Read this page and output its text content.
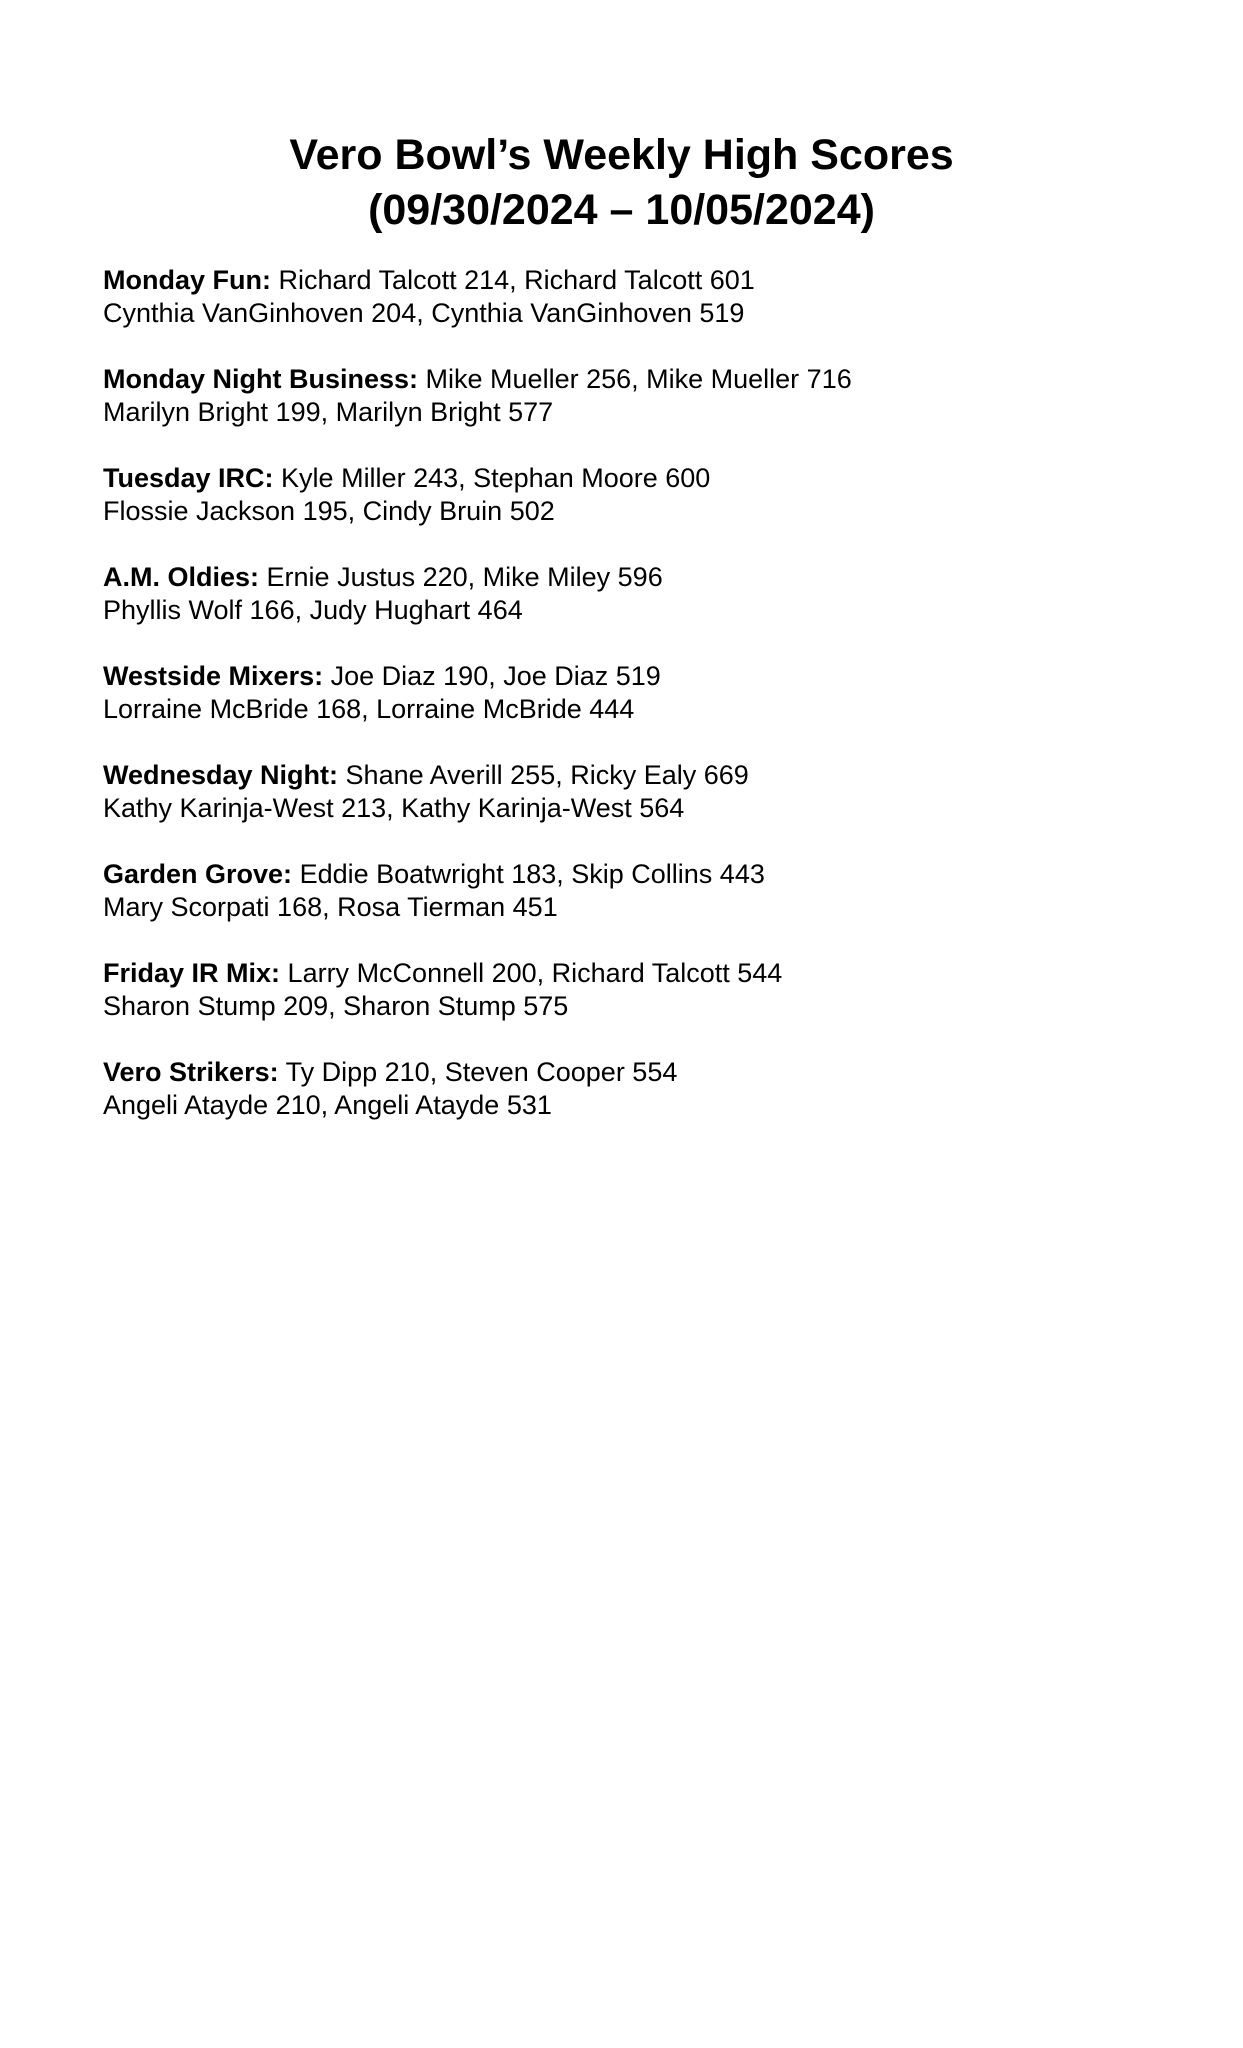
Vero Bowl’s Weekly High Scores
(09/30/2024 – 10/05/2024)
Monday Fun: Richard Talcott 214, Richard Talcott 601
Cynthia VanGinhoven 204, Cynthia VanGinhoven 519
Monday Night Business: Mike Mueller 256, Mike Mueller 716
Marilyn Bright 199, Marilyn Bright 577
Tuesday IRC: Kyle Miller 243, Stephan Moore 600
Flossie Jackson 195, Cindy Bruin 502
A.M. Oldies: Ernie Justus 220, Mike Miley 596
Phyllis Wolf 166, Judy Hughart 464
Westside Mixers: Joe Diaz 190, Joe Diaz 519
Lorraine McBride 168, Lorraine McBride 444
Wednesday Night: Shane Averill 255, Ricky Ealy 669
Kathy Karinja-West 213, Kathy Karinja-West 564
Garden Grove: Eddie Boatwright 183, Skip Collins 443
Mary Scorpati 168, Rosa Tierman 451
Friday IR Mix: Larry McConnell 200, Richard Talcott 544
Sharon Stump 209, Sharon Stump 575
Vero Strikers: Ty Dipp 210, Steven Cooper 554
Angeli Atayde 210, Angeli Atayde 531
